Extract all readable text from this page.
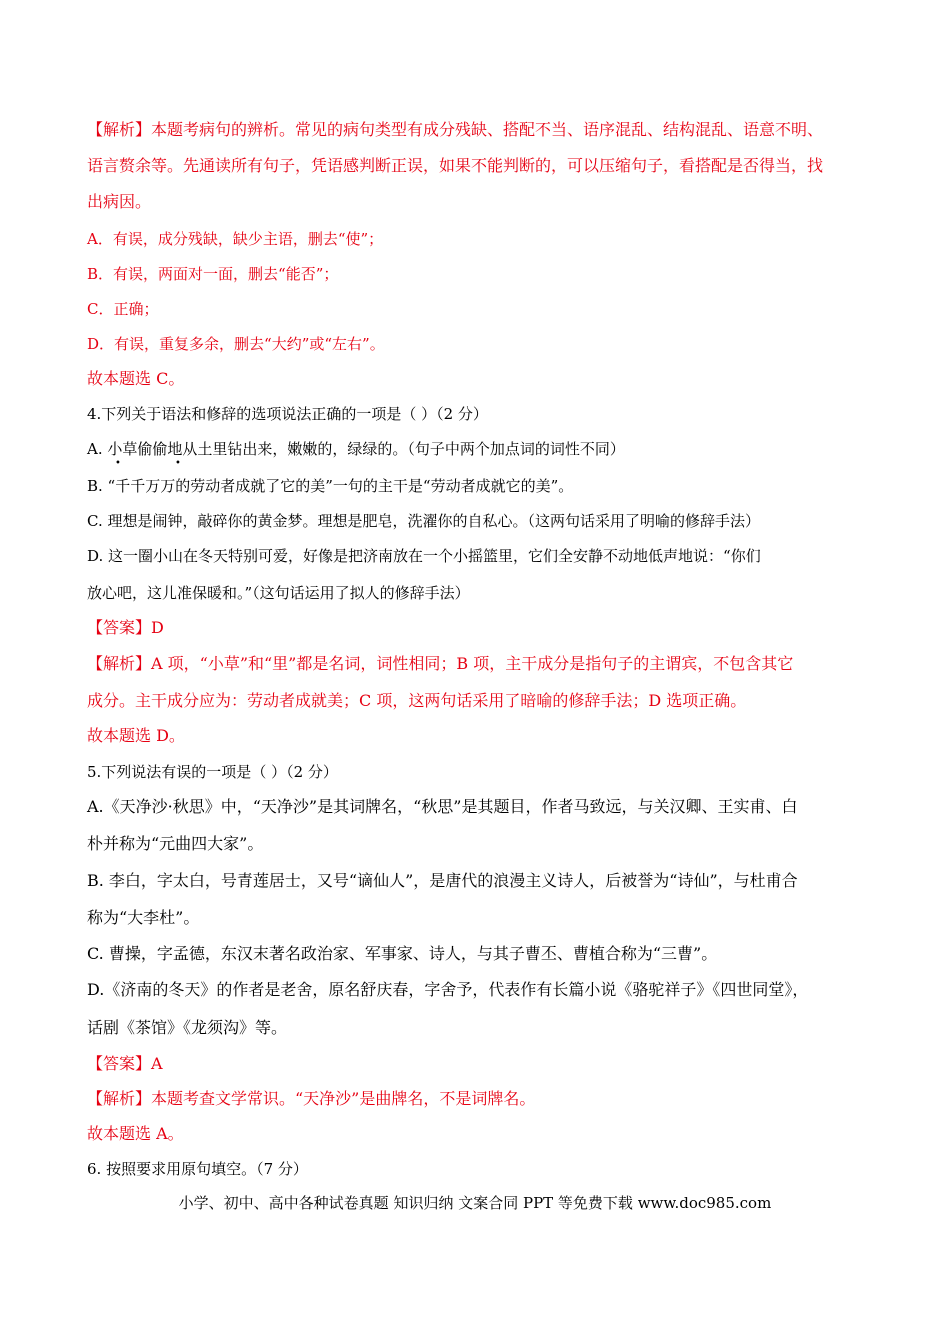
【解析】本题考病句的辨析。常见的病句类型有成分残缺、搭配不当、语序混乱、结构混乱、语意不明、
语言赘余等。先通读所有句子，凭语感判断正误，如果不能判断的，可以压缩句子，看搭配是否得当，找
出病因。
A．有误，成分残缺，缺少主语，删去“使”；
B．有误，两面对一面，删去“能否”；
C．正确；
D．有误，重复多余，删去“大约”或“左右”。
故本题选 C。
4.下列关于语法和修辞的选项说法正确的一项是（ ）（2 分）
A. 小草偷偷地从土里钻出来，嫩嫩的，绿绿的。（句子中两个加点词的词性不同）
•	•
B. “千千万万的劳动者成就了它的美”一句的主干是“劳动者成就它的美”。
C. 理想是闹钟，敲碎你的黄金梦。理想是肥皂，洗濯你的自私心。（这两句话采用了明喻的修辞手法）
D. 这一圈小山在冬天特别可爱，好像是把济南放在一个小摇篮里，它们全安静不动地低声地说：“你们
放心吧，这儿准保暖和。”（这句话运用了拟人的修辞手法）
【答案】D
【解析】A 项，“小草”和“里”都是名词，词性相同；B 项，主干成分是指句子的主谓宾，不包含其它
成分。主干成分应为：劳动者成就美；C 项，这两句话采用了暗喻的修辞手法；D 选项正确。
故本题选 D。
5.下列说法有误的一项是（ ）（2 分）
A.《天净沙·秋思》中，“天净沙”是其词牌名，“秋思”是其题目，作者马致远，与关汉卿、王实甫、白
朴并称为“元曲四大家”。
B. 李白，字太白，号青莲居士，又号“谪仙人”，是唐代的浪漫主义诗人，后被誉为“诗仙”，与杜甫合
称为“大李杜”。
C. 曹操，字孟德，东汉末著名政治家、军事家、诗人，与其子曹丕、曹植合称为“三曹”。
D.《济南的冬天》的作者是老舍，原名舒庆春，字舍予，代表作有长篇小说《骆驼祥子》《四世同堂》，
话剧《茶馆》《龙须沟》等。
【答案】A
【解析】本题考查文学常识。“天净沙”是曲牌名，不是词牌名。
故本题选 A。
6. 按照要求用原句填空。（7 分）
小学、初中、高中各种试卷真题 知识归纳 文案合同 PPT 等免费下载 www.doc985.com
